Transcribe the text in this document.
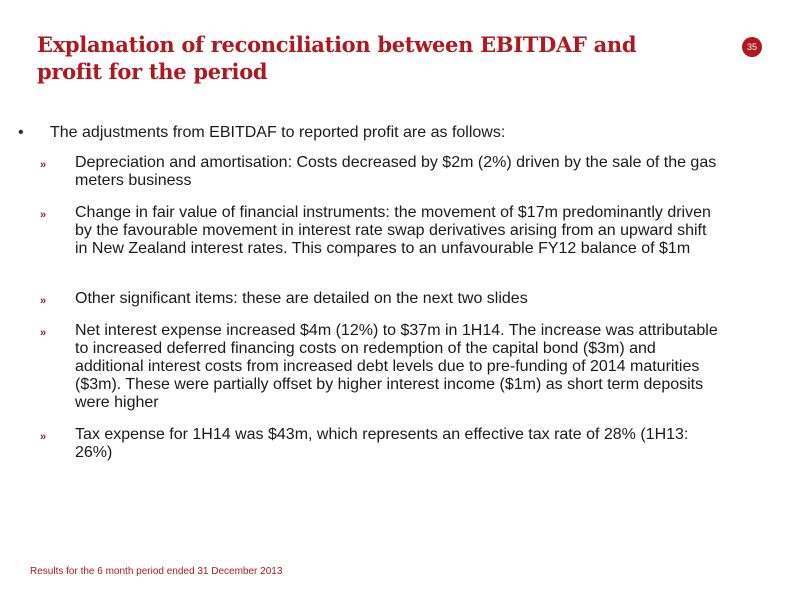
Explanation of reconciliation between EBITDAF and profit for the period
35
• The adjustments from EBITDAF to reported profit are as follows:
» Depreciation and amortisation: Costs decreased by $2m (2%) driven by the sale of the gas meters business
» Change in fair value of financial instruments: the movement of $17m predominantly driven by the favourable movement in interest rate swap derivatives arising from an upward shift in New Zealand interest rates. This compares to an unfavourable FY12 balance of $1m
» Other significant items: these are detailed on the next two slides
» Net interest expense increased $4m (12%) to $37m in 1H14. The increase was attributable to increased deferred financing costs on redemption of the capital bond ($3m) and additional interest costs from increased debt levels due to pre-funding of 2014 maturities ($3m). These were partially offset by higher interest income ($1m) as short term deposits were higher
» Tax expense for 1H14 was $43m, which represents an effective tax rate of 28% (1H13: 26%)
Results for the 6 month period ended 31 December 2013
